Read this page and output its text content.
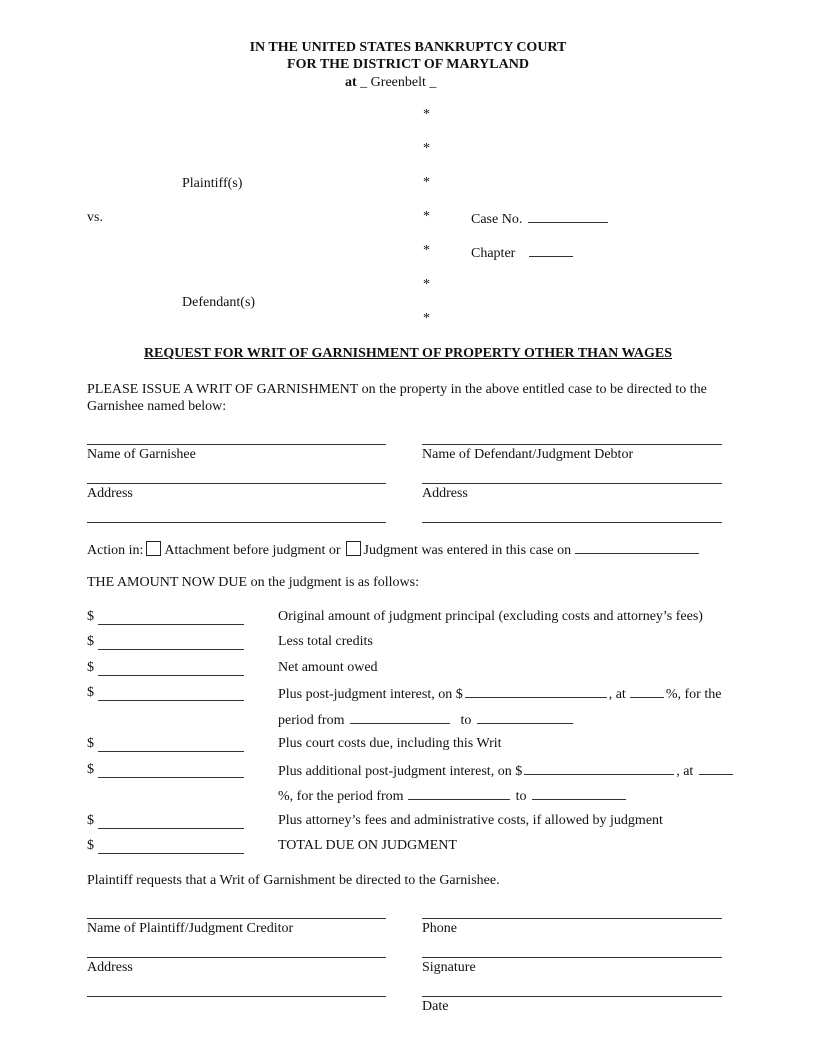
IN THE UNITED STATES BANKRUPTCY COURT
FOR THE DISTRICT OF MARYLAND
at _ Greenbelt _
*
*
*
*
*
*
*
Plaintiff(s)
vs.
Defendant(s)
Case No.
Chapter
REQUEST FOR WRIT OF GARNISHMENT OF PROPERTY OTHER THAN WAGES
PLEASE ISSUE A WRIT OF GARNISHMENT on the property in the above entitled case to be directed to the
Garnishee named below:
Name of Garnishee	Name of Defendant/Judgment Debtor
Address	Address
Action in: Attachment before judgment or Judgment was entered in this case on
THE AMOUNT NOW DUE on the judgment is as follows:
$	Original amount of judgment principal (excluding costs and attorney’s fees)
$	Less total credits
$	Net amount owed
$	Plus post-judgment interest, on $	, at	%, for the
period from	to
$	Plus court costs due, including this Writ
$	Plus additional post-judgment interest, on $	, at
%, for the period from	to
$	Plus attorney’s fees and administrative costs, if allowed by judgment
$	TOTAL DUE ON JUDGMENT
Plaintiff requests that a Writ of Garnishment be directed to the Garnishee.
Name of Plaintiff/Judgment Creditor	Phone
Address	Signature
Date
